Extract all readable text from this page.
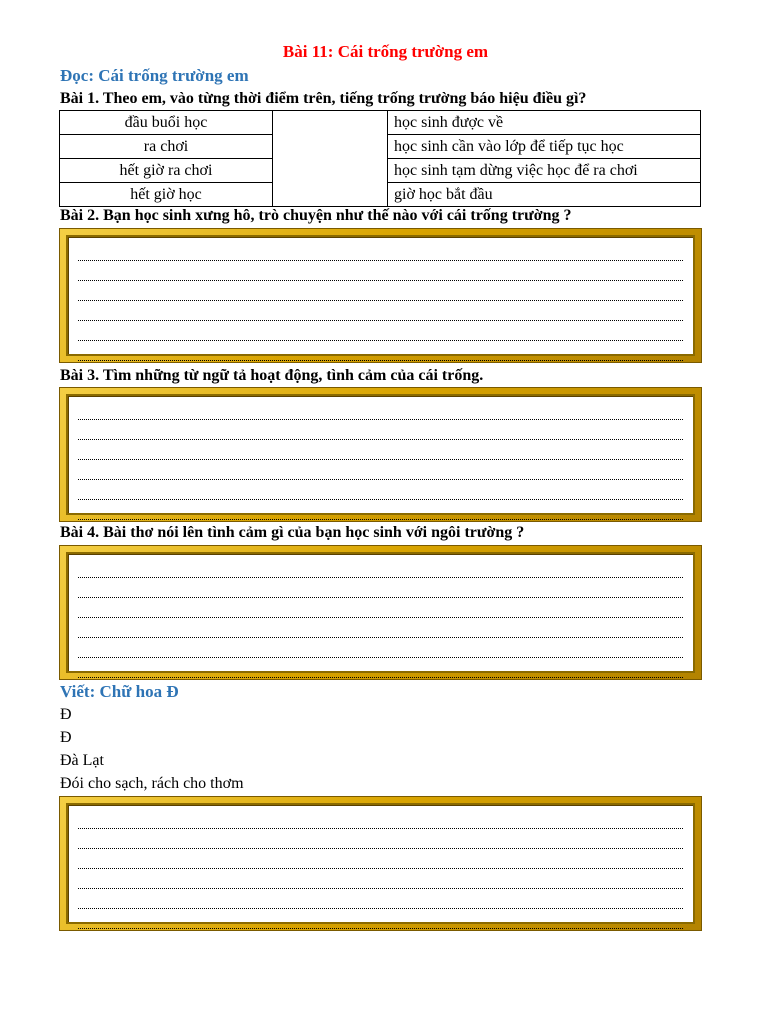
Bài 11: Cái trống trường em
Đọc: Cái trống trường em
Bài 1. Theo em, vào từng thời điểm trên, tiếng trống trường báo hiệu điều gì?
đầu buổi học		học sinh được về
ra chơi		học sinh cần vào lớp để tiếp tục học
hết giờ ra chơi		học sinh tạm dừng việc học để ra chơi
hết giờ học		giờ học bắt đầu
Bài 2. Bạn học sinh xưng hô, trò chuyện như thế nào với cái trống trường ?
Bài 3. Tìm những từ ngữ tả hoạt động, tình cảm của cái trống.
Bài 4. Bài thơ nói lên tình cảm gì của bạn học sinh với ngôi trường ?
Viết: Chữ hoa Đ
Đ
Đ
Đà Lạt
Đói cho sạch, rách cho thơm
